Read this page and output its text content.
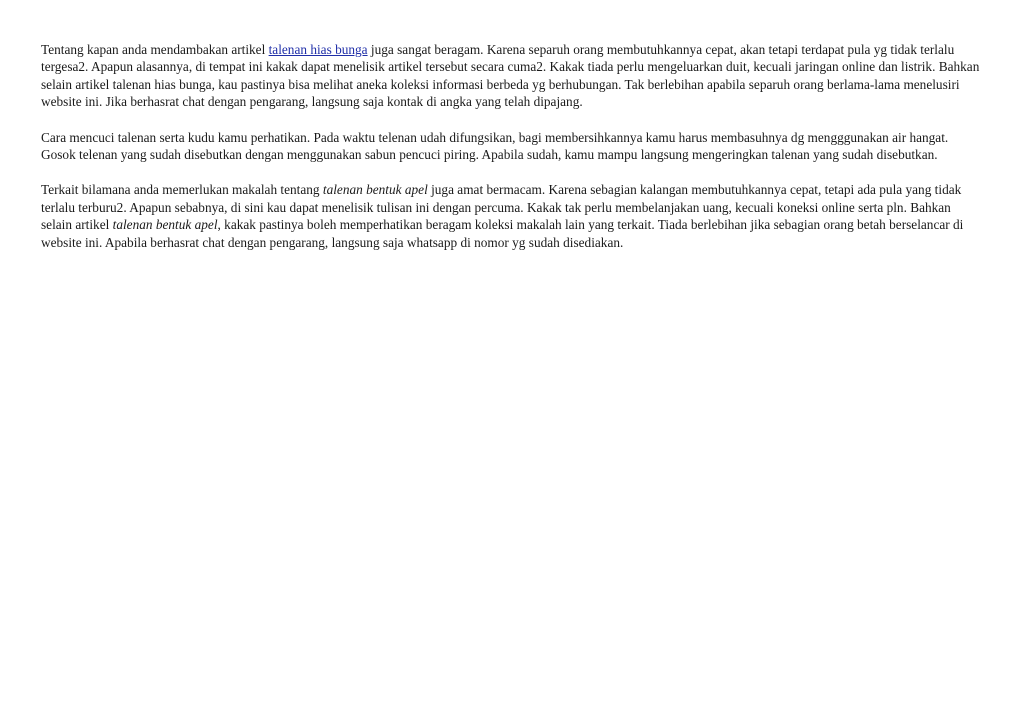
Tentang kapan anda mendambakan artikel talenan hias bunga juga sangat beragam. Karena separuh orang membutuhkannya cepat, akan tetapi terdapat pula yg tidak terlalu tergesa2. Apapun alasannya, di tempat ini kakak dapat menelisik artikel tersebut secara cuma2. Kakak tiada perlu mengeluarkan duit, kecuali jaringan online dan listrik. Bahkan selain artikel talenan hias bunga, kau pastinya bisa melihat aneka koleksi informasi berbeda yg berhubungan. Tak berlebihan apabila separuh orang berlama-lama menelusiri website ini. Jika berhasrat chat dengan pengarang, langsung saja kontak di angka yang telah dipajang.

Cara mencuci talenan serta kudu kamu perhatikan. Pada waktu telenan udah difungsikan, bagi membersihkannya kamu harus membasuhnya dg mengggunakan air hangat. Gosok telenan yang sudah disebutkan dengan menggunakan sabun pencuci piring. Apabila sudah, kamu mampu langsung mengeringkan talenan yang sudah disebutkan.

Terkait bilamana anda memerlukan makalah tentang talenan bentuk apel juga amat bermacam. Karena sebagian kalangan membutuhkannya cepat, tetapi ada pula yang tidak terlalu terburu2. Apapun sebabnya, di sini kau dapat menelisik tulisan ini dengan percuma. Kakak tak perlu membelanjakan uang, kecuali koneksi online serta pln. Bahkan selain artikel talenan bentuk apel, kakak pastinya boleh memperhatikan beragam koleksi makalah lain yang terkait. Tiada berlebihan jika sebagian orang betah berselancar di website ini. Apabila berhasrat chat dengan pengarang, langsung saja whatsapp di nomor yg sudah disediakan.
